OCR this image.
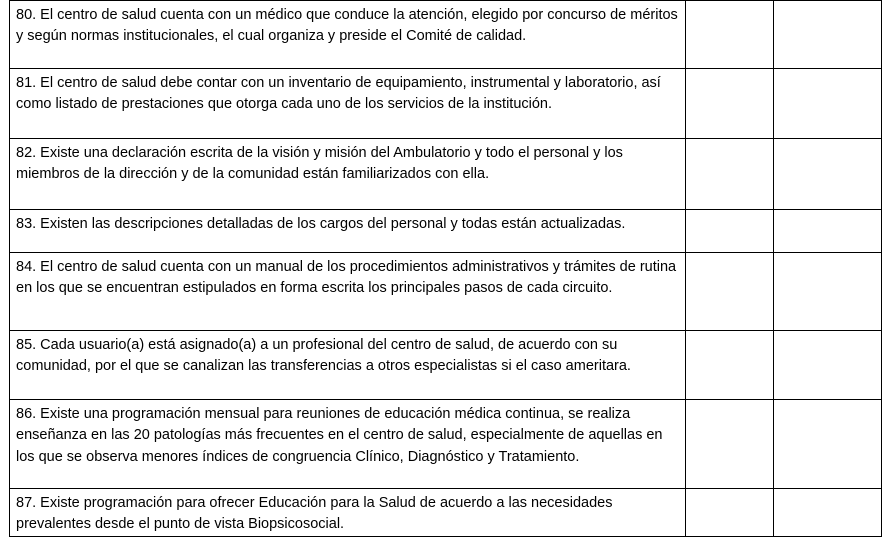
80. El centro de salud cuenta con un médico que conduce la atención, elegido por concurso de méritos y según normas institucionales, el cual organiza y preside el Comité de calidad.		
81. El centro de salud debe contar con un inventario de equipamiento, instrumental y laboratorio, así como listado de prestaciones que otorga cada uno de los servicios de la institución.		
82. Existe una declaración escrita de la visión y misión del Ambulatorio y todo el personal y los miembros de la dirección y de la comunidad están familiarizados con ella.		
83. Existen las descripciones detalladas de los cargos del personal y todas están actualizadas.		
84. El centro de salud cuenta con un manual de los procedimientos administrativos y trámites de rutina en los que se encuentran estipulados en forma escrita los principales pasos de cada circuito.		
85. Cada usuario(a) está asignado(a) a un profesional del centro de salud, de acuerdo con su comunidad, por el que se canalizan las transferencias a otros especialistas si el caso ameritara.		
86. Existe una programación mensual para reuniones de educación médica continua, se realiza enseñanza en las 20 patologías más frecuentes en el centro de salud, especialmente de aquellas en los que se observa menores índices de congruencia Clínico, Diagnóstico y Tratamiento.		
87. Existe programación para ofrecer Educación para la Salud de acuerdo a las necesidades prevalentes desde el punto de vista Biopsicosocial.		
